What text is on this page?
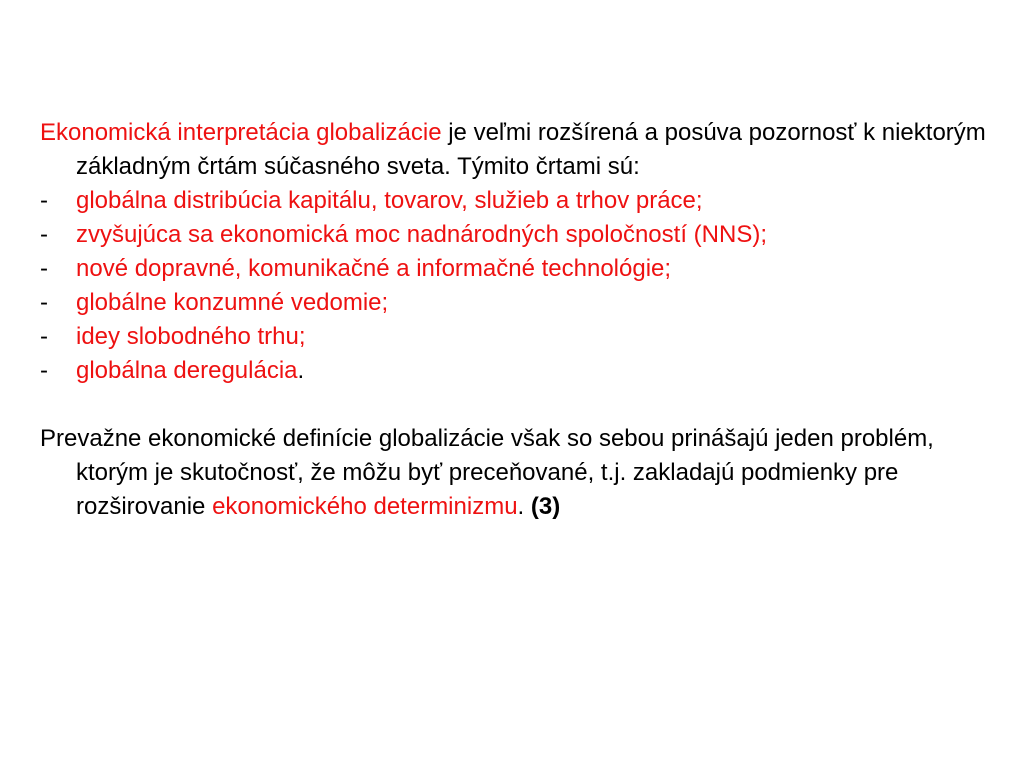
Ekonomická interpretácia globalizácie je veľmi rozšírená a posúva pozornosť k niektorým základným črtám súčasného sveta. Týmito črtami sú:

- globálna distribúcia kapitálu, tovarov, služieb a trhov práce;
- zvyšujúca sa ekonomická moc nadnárodných spoločností (NNS);
- nové dopravné, komunikačné a informačné technológie;
- globálne konzumné vedomie;
- idey slobodného trhu;
- globálna deregulácia.

Prevažne ekonomické definície globalizácie však so sebou prinášajú jeden problém, ktorým je skutočnosť, že môžu byť preceňované, t.j. zakladajú podmienky pre rozširovanie ekonomického determinizmu. (3)
